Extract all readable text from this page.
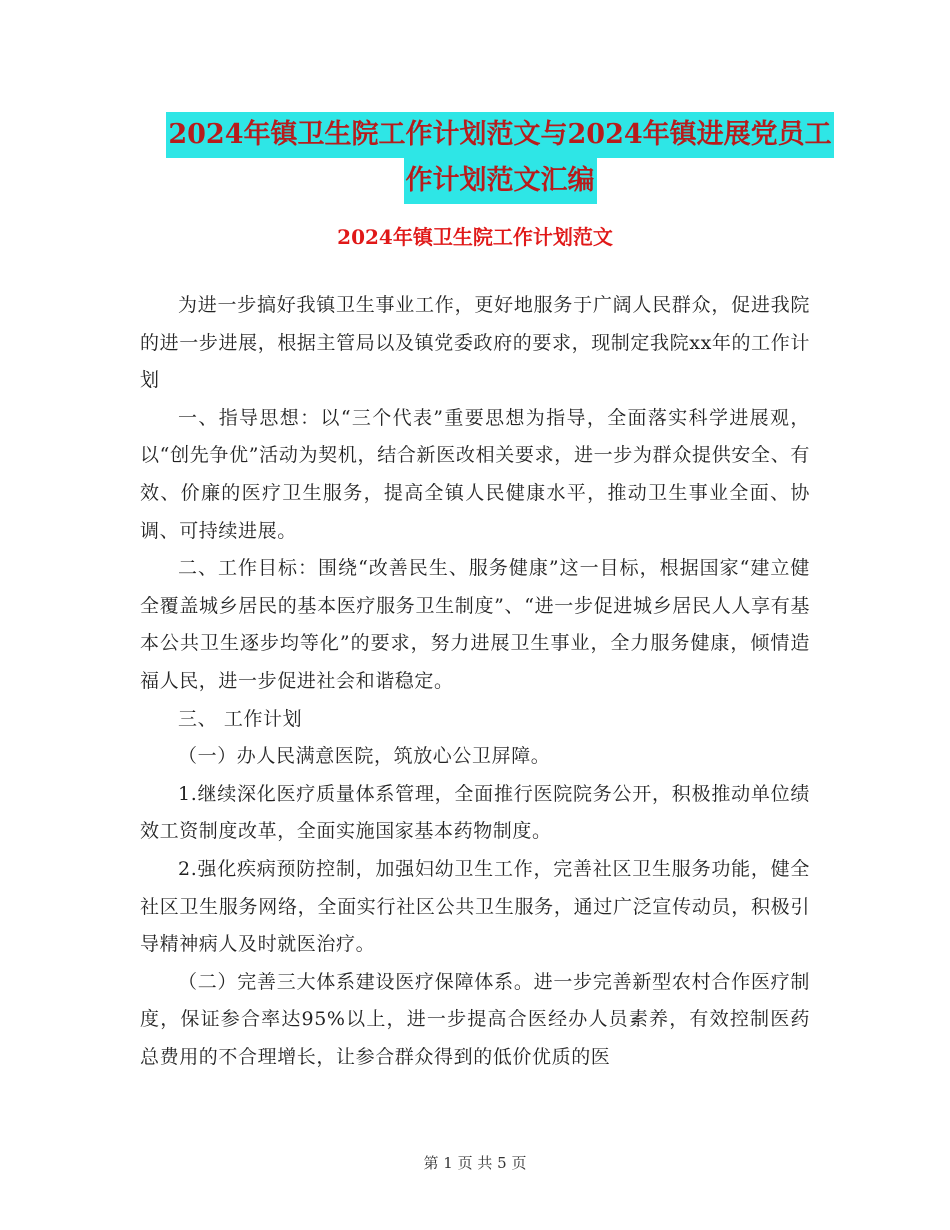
2024年镇卫生院工作计划范文与2024年镇进展党员工
作计划范文汇编
2024年镇卫生院工作计划范文

为进一步搞好我镇卫生事业工作，更好地服务于广阔人民群众，促进我院的进一步进展，根据主管局以及镇党委政府的要求，现制定我院xx年的工作计划

一、指导思想：以“三个代表”重要思想为指导，全面落实科学进展观，以“创先争优”活动为契机，结合新医改相关要求，进一步为群众提供安全、有效、价廉的医疗卫生服务，提高全镇人民健康水平，推动卫生事业全面、协调、可持续进展。

二、工作目标：围绕“改善民生、服务健康”这一目标，根据国家“建立健全覆盖城乡居民的基本医疗服务卫生制度”、“进一步促进城乡居民人人享有基本公共卫生逐步均等化”的要求，努力进展卫生事业，全力服务健康，倾情造福人民，进一步促进社会和谐稳定。

三、 工作计划

（一）办人民满意医院，筑放心公卫屏障。

1.继续深化医疗质量体系管理，全面推行医院院务公开，积极推动单位绩效工资制度改革，全面实施国家基本药物制度。

2.强化疾病预防控制，加强妇幼卫生工作，完善社区卫生服务功能，健全社区卫生服务网络，全面实行社区公共卫生服务，通过广泛宣传动员，积极引导精神病人及时就医治疗。

（二）完善三大体系建设医疗保障体系。进一步完善新型农村合作医疗制度，保证参合率达95%以上，进一步提高合医经办人员素养，有效控制医药总费用的不合理增长，让参合群众得到的低价优质的医

第 1 页 共 5 页
